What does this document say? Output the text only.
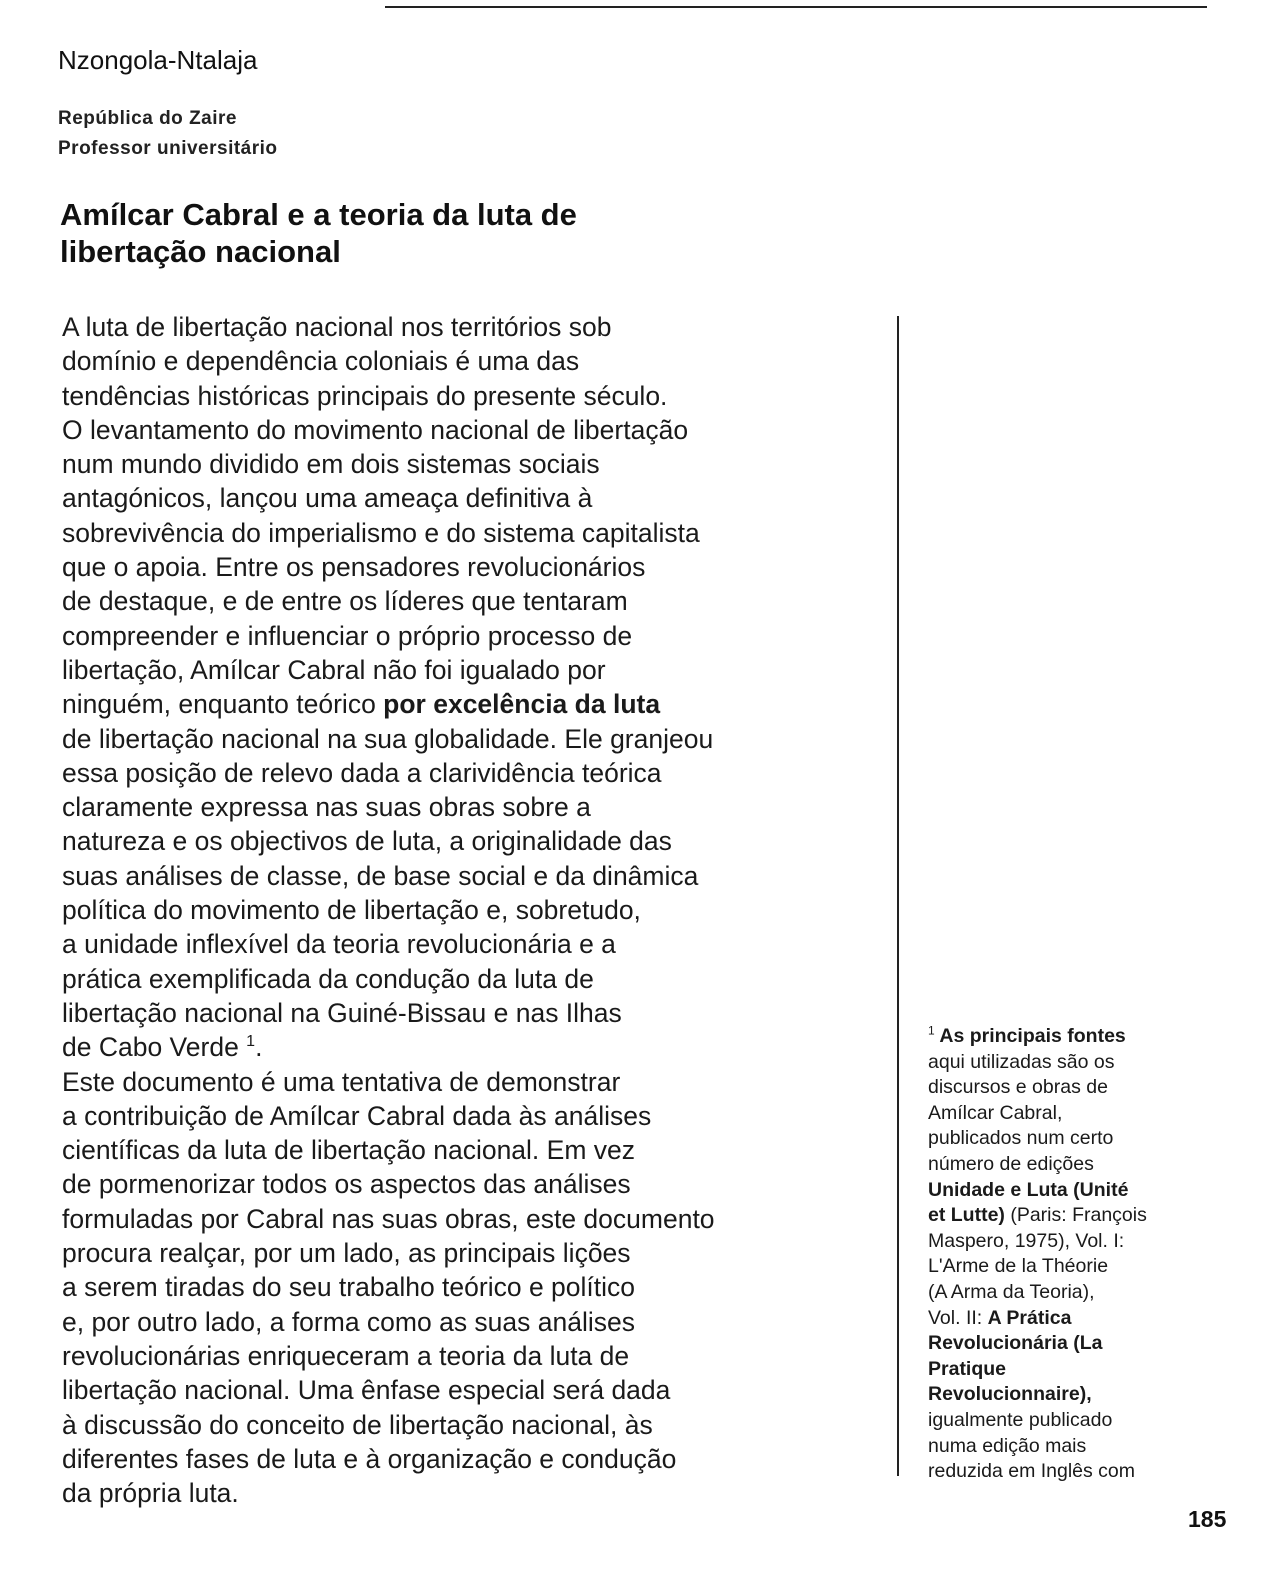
Nzongola-Ntalaja
República do Zaire
Professor universitário
Amílcar Cabral e a teoria da luta de
libertação nacional
A luta de libertação nacional nos territórios sob
domínio e dependência coloniais é uma das
tendências históricas principais do presente século.
O levantamento do movimento nacional de libertação
num mundo dividido em dois sistemas sociais
antagónicos, lançou uma ameaça definitiva à
sobrevivência do imperialismo e do sistema capitalista
que o apoia. Entre os pensadores revolucionários
de destaque, e de entre os líderes que tentaram
compreender e influenciar o próprio processo de
libertação, Amílcar Cabral não foi igualado por
ninguém, enquanto teórico por excelência da luta
de libertação nacional na sua globalidade. Ele granjeou
essa posição de relevo dada a clarividência teórica
claramente expressa nas suas obras sobre a
natureza e os objectivos de luta, a originalidade das
suas análises de classe, de base social e da dinâmica
política do movimento de libertação e, sobretudo,
a unidade inflexível da teoria revolucionária e a
prática exemplificada da condução da luta de
libertação nacional na Guiné-Bissau e nas Ilhas
de Cabo Verde $^1$.
Este documento é uma tentativa de demonstrar
a contribuição de Amílcar Cabral dada às análises
científicas da luta de libertação nacional. Em vez
de pormenorizar todos os aspectos das análises
formuladas por Cabral nas suas obras, este documento
procura realçar, por um lado, as principais lições
a serem tiradas do seu trabalho teórico e político
e, por outro lado, a forma como as suas análises
revolucionárias enriqueceram a teoria da luta de
libertação nacional. Uma ênfase especial será dada
à discussão do conceito de libertação nacional, às
diferentes fases de luta e à organização e condução
da própria luta.
$^1$ As principais fontes
aqui utilizadas são os
discursos e obras de
Amílcar Cabral,
publicados num certo
número de edições
Unidade e Luta (Unité
et Lutte) (Paris: François
Maspero, 1975), Vol. I:
L'Arme de la Théorie
(A Arma da Teoria),
Vol. II: A Prática
Revolucionária (La
Pratique
Revolucionnaire),
igualmente publicado
numa edição mais
reduzida em Inglês com
185
